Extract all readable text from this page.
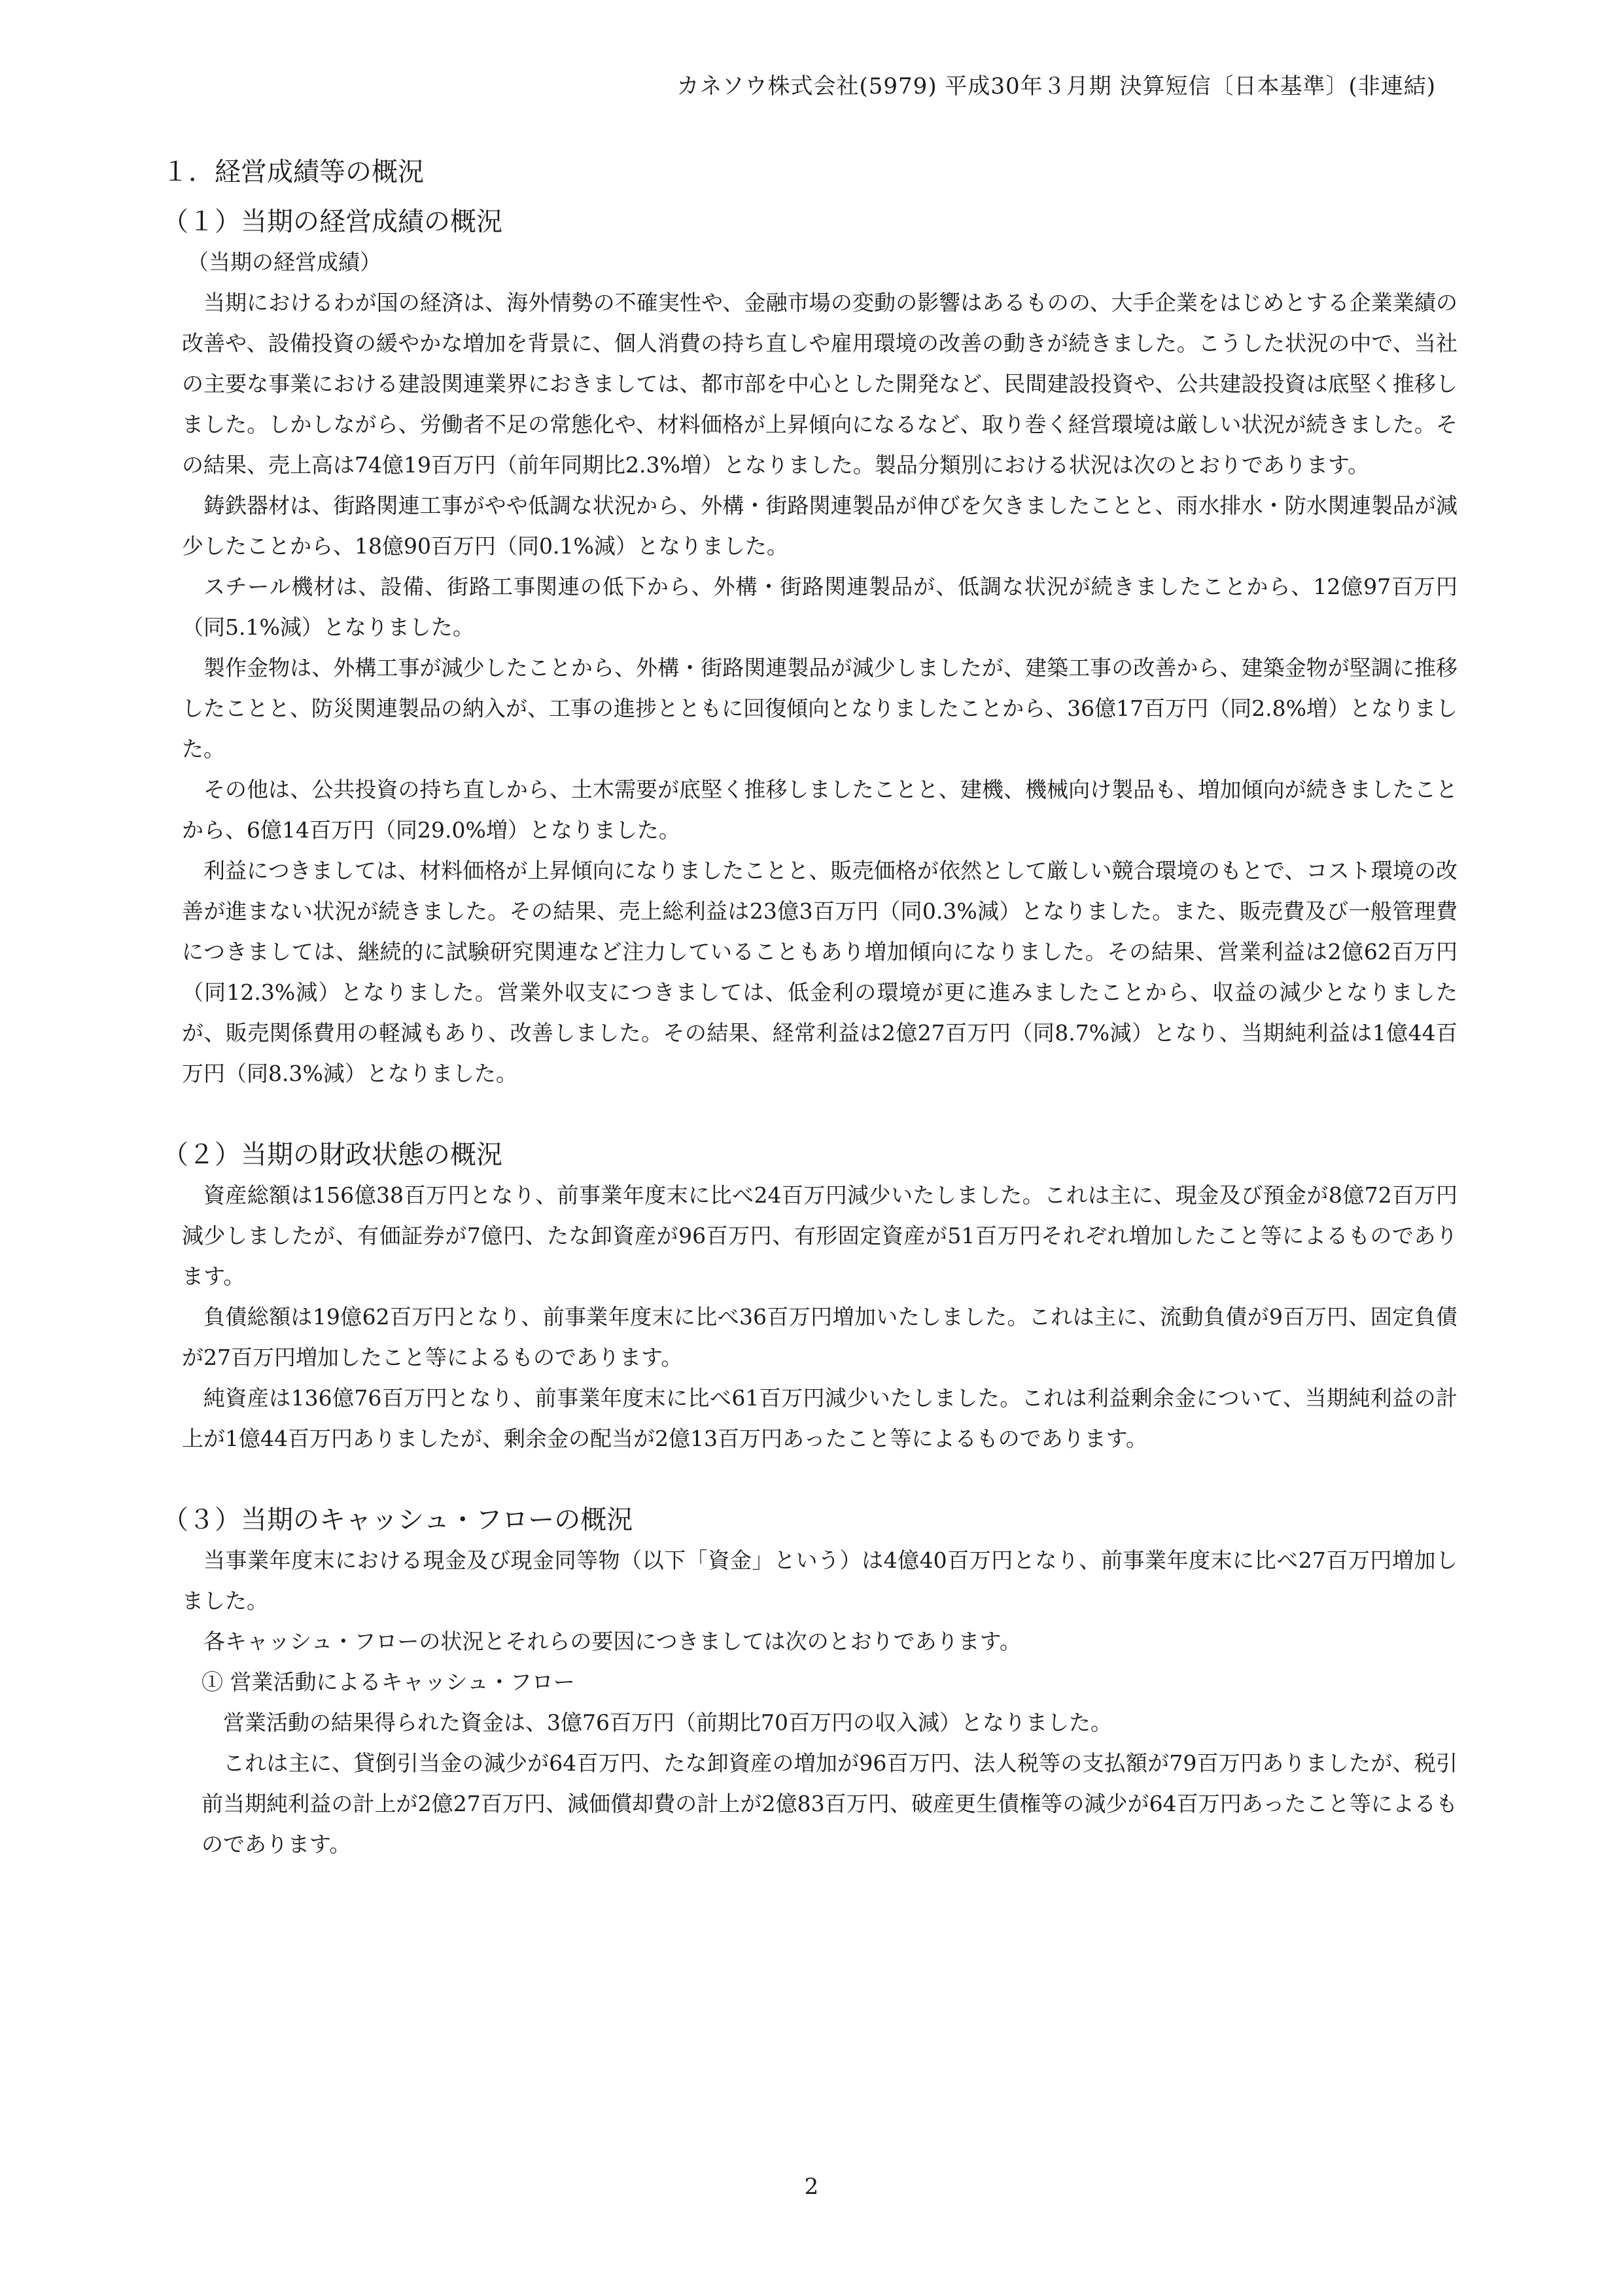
カネソウ株式会社(5979) 平成30年３月期 決算短信〔日本基準〕(非連結)
１．経営成績等の概況
（１）当期の経営成績の概況
（当期の経営成績）

当期におけるわが国の経済は、海外情勢の不確実性や、金融市場の変動の影響はあるものの、大手企業をはじめとする企業業績の改善や、設備投資の緩やかな増加を背景に、個人消費の持ち直しや雇用環境の改善の動きが続きました。こうした状況の中で、当社の主要な事業における建設関連業界におきましては、都市部を中心とした開発など、民間建設投資や、公共建設投資は底堅く推移しました。しかしながら、労働者不足の常態化や、材料価格が上昇傾向になるなど、取り巻く経営環境は厳しい状況が続きました。その結果、売上高は74億19百万円（前年同期比2.3%増）となりました。製品分類別における状況は次のとおりであります。

鋳鉄器材は、街路関連工事がやや低調な状況から、外構・街路関連製品が伸びを欠きましたことと、雨水排水・防水関連製品が減少したことから、18億90百万円（同0.1%減）となりました。

スチール機材は、設備、街路工事関連の低下から、外構・街路関連製品が、低調な状況が続きましたことから、12億97百万円（同5.1%減）となりました。

製作金物は、外構工事が減少したことから、外構・街路関連製品が減少しましたが、建築工事の改善から、建築金物が堅調に推移したことと、防災関連製品の納入が、工事の進捗とともに回復傾向となりましたことから、36億17百万円（同2.8%増）となりました。

その他は、公共投資の持ち直しから、土木需要が底堅く推移しましたことと、建機、機械向け製品も、増加傾向が続きましたことから、6億14百万円（同29.0%増）となりました。

利益につきましては、材料価格が上昇傾向になりましたことと、販売価格が依然として厳しい競合環境のもとで、コスト環境の改善が進まない状況が続きました。その結果、売上総利益は23億3百万円（同0.3%減）となりました。また、販売費及び一般管理費につきましては、継続的に試験研究関連など注力していることもあり増加傾向になりました。その結果、営業利益は2億62百万円（同12.3%減）となりました。営業外収支につきましては、低金利の環境が更に進みましたことから、収益の減少となりましたが、販売関係費用の軽減もあり、改善しました。その結果、経常利益は2億27百万円（同8.7%減）となり、当期純利益は1億44百万円（同8.3%減）となりました。

（２）当期の財政状態の概況

資産総額は156億38百万円となり、前事業年度末に比べ24百万円減少いたしました。これは主に、現金及び預金が8億72百万円減少しましたが、有価証券が7億円、たな卸資産が96百万円、有形固定資産が51百万円それぞれ増加したこと等によるものであります。

負債総額は19億62百万円となり、前事業年度末に比べ36百万円増加いたしました。これは主に、流動負債が9百万円、固定負債が27百万円増加したこと等によるものであります。

純資産は136億76百万円となり、前事業年度末に比べ61百万円減少いたしました。これは利益剰余金について、当期純利益の計上が1億44百万円ありましたが、剰余金の配当が2億13百万円あったこと等によるものであります。

（３）当期のキャッシュ・フローの概況

当事業年度末における現金及び現金同等物（以下「資金」という）は4億40百万円となり、前事業年度末に比べ27百万円増加しました。

各キャッシュ・フローの状況とそれらの要因につきましては次のとおりであります。

① 営業活動によるキャッシュ・フロー

営業活動の結果得られた資金は、3億76百万円（前期比70百万円の収入減）となりました。

これは主に、貸倒引当金の減少が64百万円、たな卸資産の増加が96百万円、法人税等の支払額が79百万円ありましたが、税引前当期純利益の計上が2億27百万円、減価償却費の計上が2億83百万円、破産更生債権等の減少が64百万円あったこと等によるものであります。

2
